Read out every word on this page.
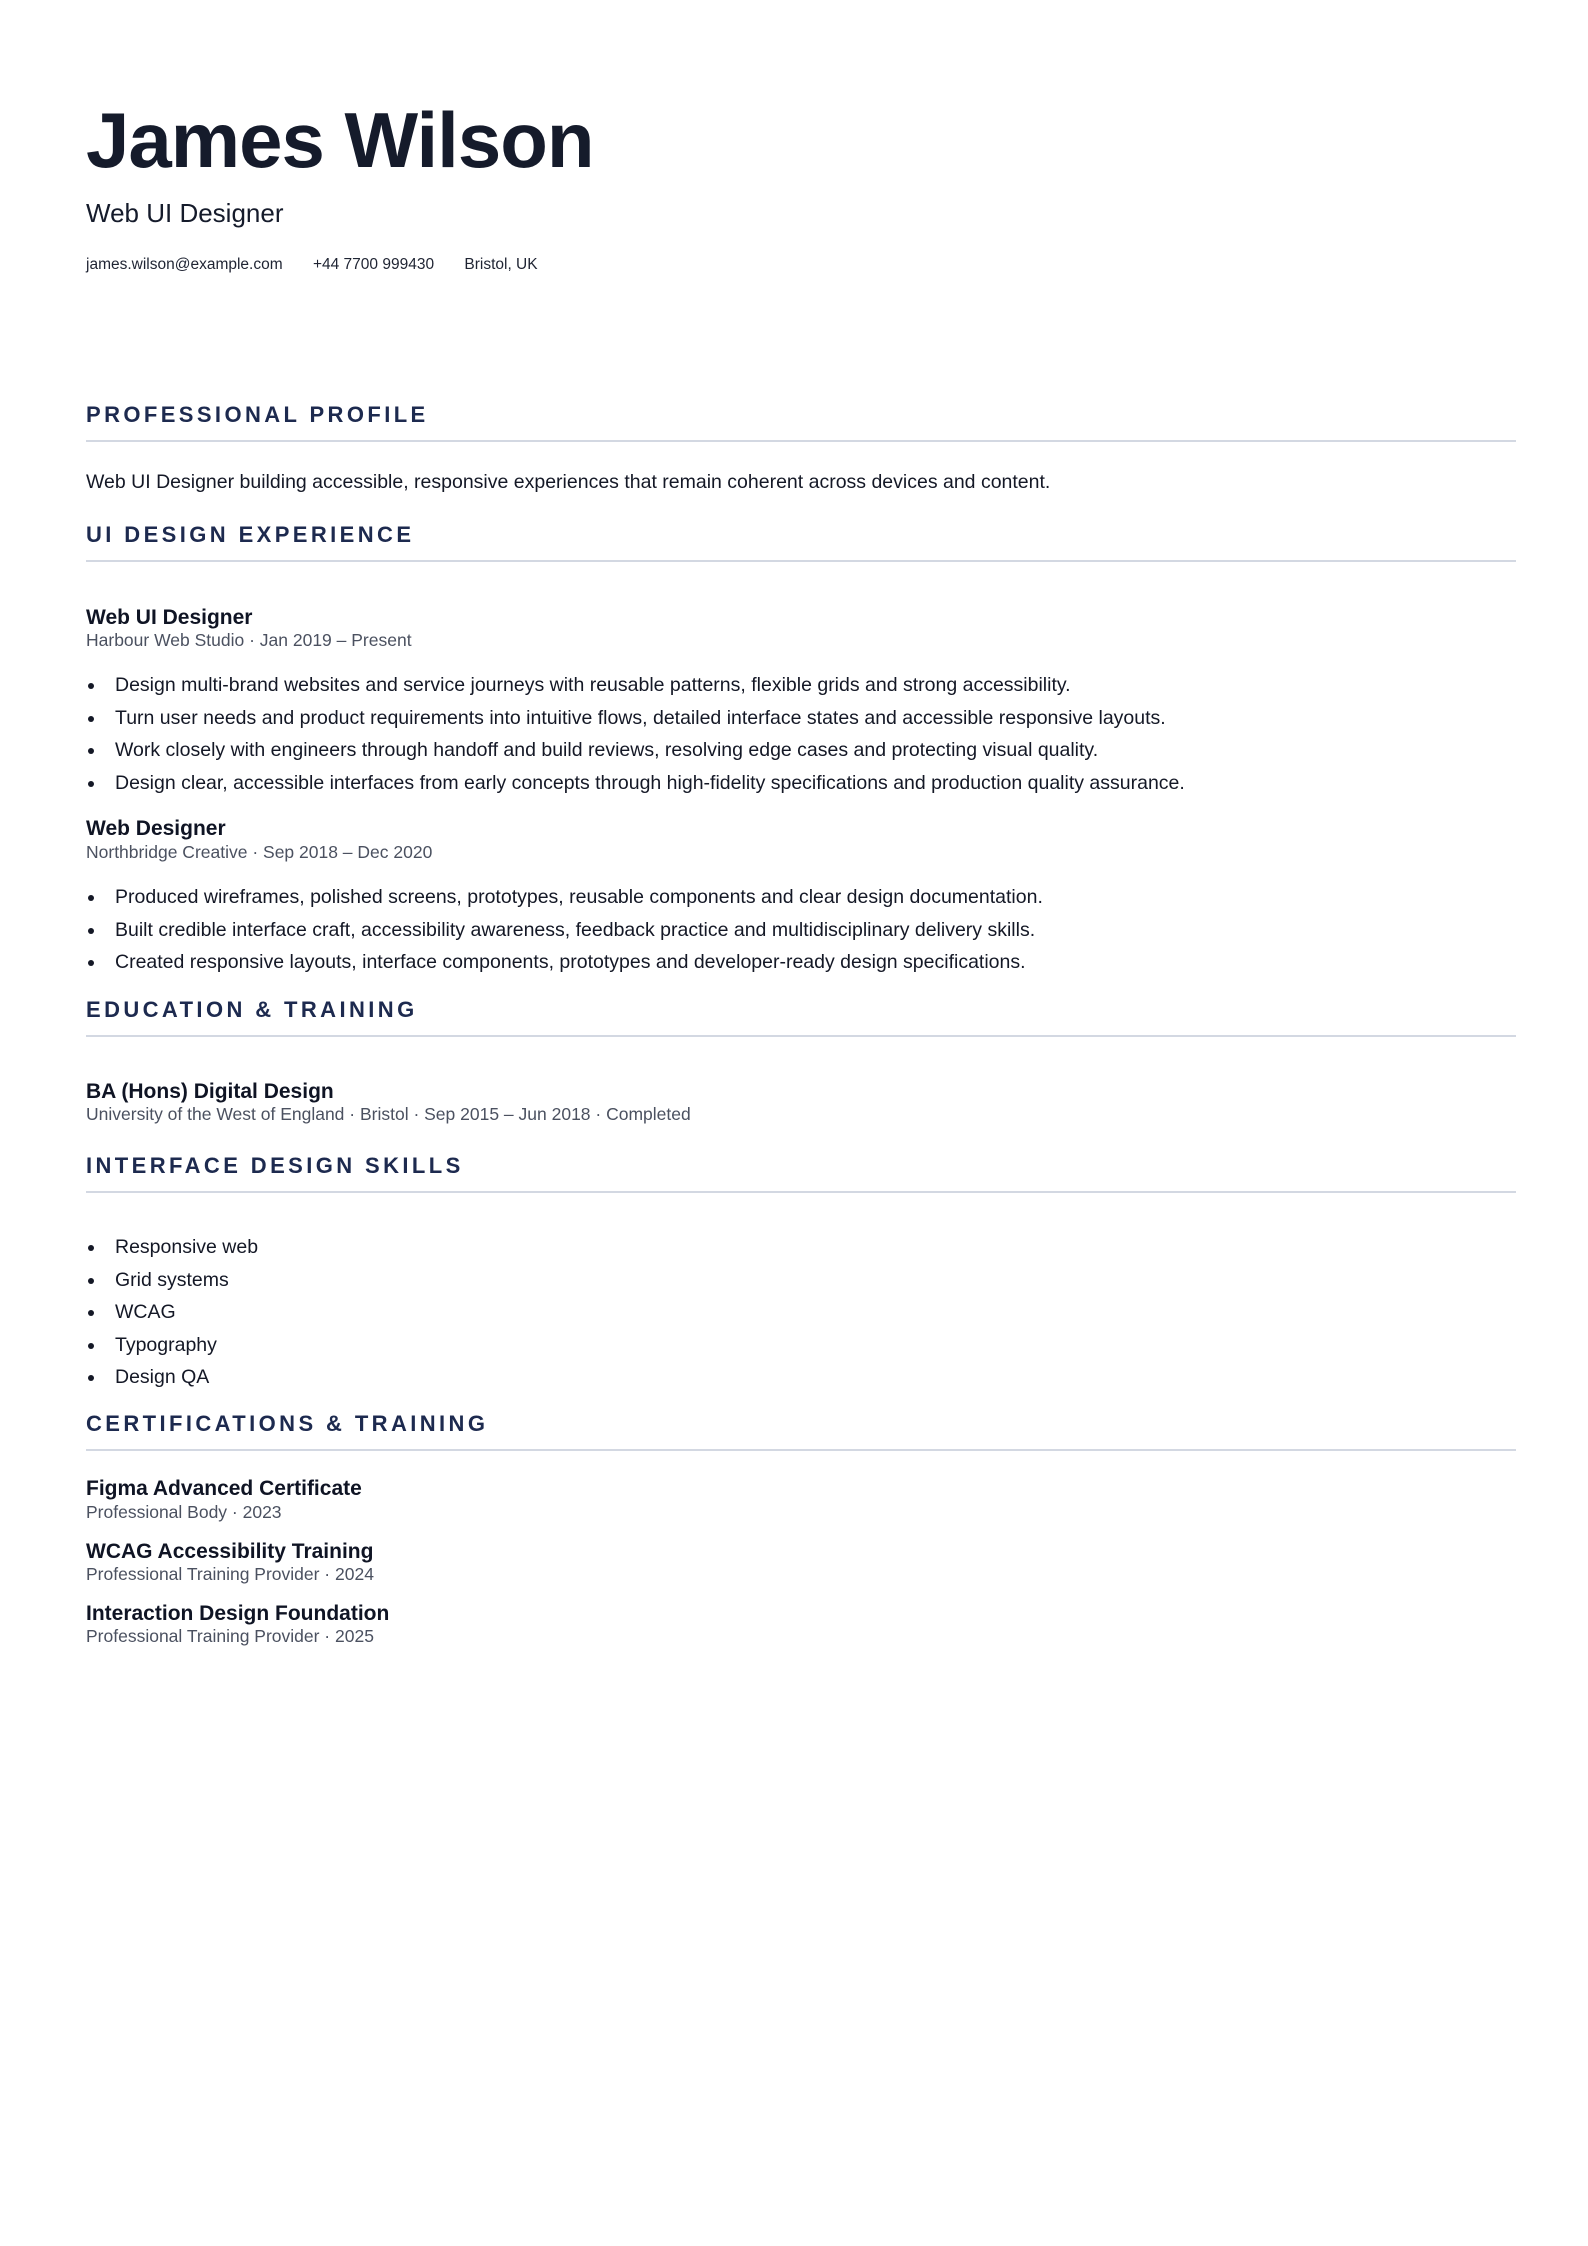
James Wilson
Web UI Designer
james.wilson@example.com +44 7700 999430 Bristol, UK
PROFESSIONAL PROFILE
Web UI Designer building accessible, responsive experiences that remain coherent across devices and content.
UI DESIGN EXPERIENCE
Web UI Designer
Harbour Web Studio · Jan 2019 – Present
Design multi-brand websites and service journeys with reusable patterns, flexible grids and strong accessibility.
Turn user needs and product requirements into intuitive flows, detailed interface states and accessible responsive layouts.
Work closely with engineers through handoff and build reviews, resolving edge cases and protecting visual quality.
Design clear, accessible interfaces from early concepts through high-fidelity specifications and production quality assurance.
Web Designer
Northbridge Creative · Sep 2018 – Dec 2020
Produced wireframes, polished screens, prototypes, reusable components and clear design documentation.
Built credible interface craft, accessibility awareness, feedback practice and multidisciplinary delivery skills.
Created responsive layouts, interface components, prototypes and developer-ready design specifications.
EDUCATION & TRAINING
BA (Hons) Digital Design
University of the West of England · Bristol · Sep 2015 – Jun 2018 · Completed
INTERFACE DESIGN SKILLS
Responsive web
Grid systems
WCAG
Typography
Design QA
CERTIFICATIONS & TRAINING
Figma Advanced Certificate
Professional Body · 2023
WCAG Accessibility Training
Professional Training Provider · 2024
Interaction Design Foundation
Professional Training Provider · 2025
